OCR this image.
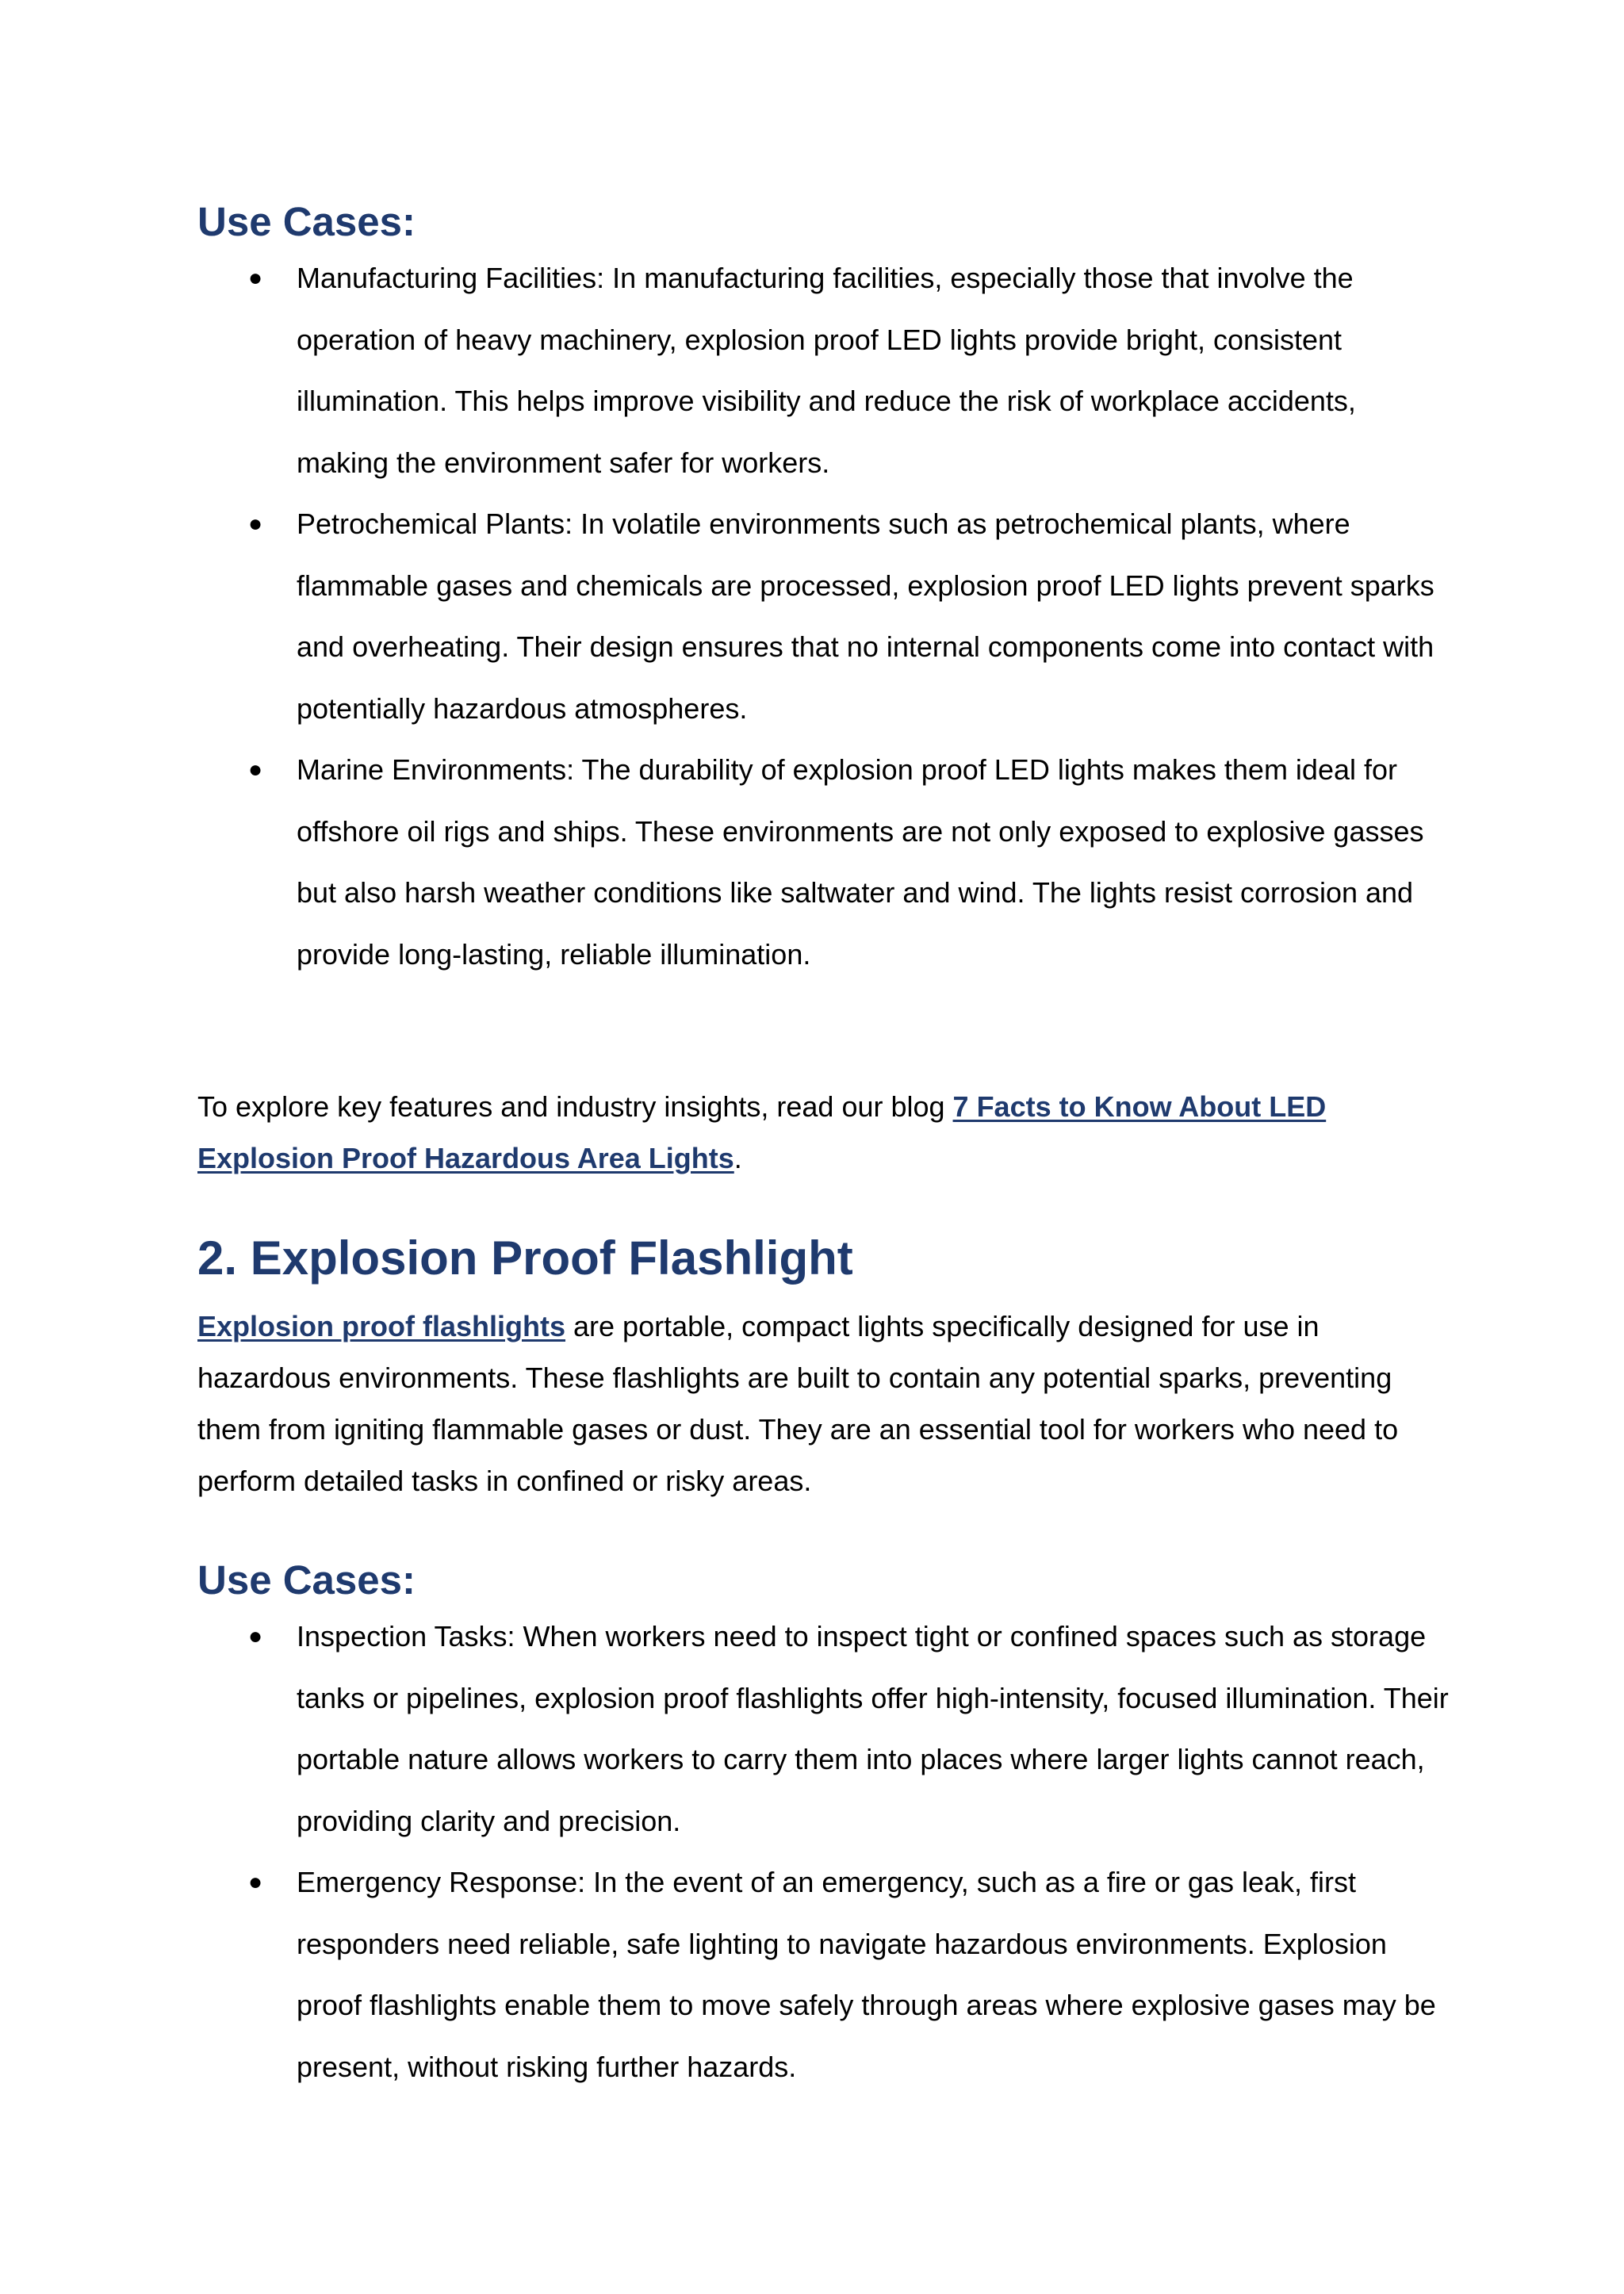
Use Cases:
● Manufacturing Facilities: In manufacturing facilities, especially those that involve the operation of heavy machinery, explosion proof LED lights provide bright, consistent illumination. This helps improve visibility and reduce the risk of workplace accidents, making the environment safer for workers.
● Petrochemical Plants: In volatile environments such as petrochemical plants, where flammable gases and chemicals are processed, explosion proof LED lights prevent sparks and overheating. Their design ensures that no internal components come into contact with potentially hazardous atmospheres.
● Marine Environments: The durability of explosion proof LED lights makes them ideal for offshore oil rigs and ships. These environments are not only exposed to explosive gasses but also harsh weather conditions like saltwater and wind. The lights resist corrosion and provide long-lasting, reliable illumination.

To explore key features and industry insights, read our blog 7 Facts to Know About LED Explosion Proof Hazardous Area Lights.

2. Explosion Proof Flashlight

Explosion proof flashlights are portable, compact lights specifically designed for use in hazardous environments. These flashlights are built to contain any potential sparks, preventing them from igniting flammable gases or dust. They are an essential tool for workers who need to perform detailed tasks in confined or risky areas.

Use Cases:
● Inspection Tasks: When workers need to inspect tight or confined spaces such as storage tanks or pipelines, explosion proof flashlights offer high-intensity, focused illumination. Their portable nature allows workers to carry them into places where larger lights cannot reach, providing clarity and precision.
● Emergency Response: In the event of an emergency, such as a fire or gas leak, first responders need reliable, safe lighting to navigate hazardous environments. Explosion proof flashlights enable them to move safely through areas where explosive gases may be present, without risking further hazards.
